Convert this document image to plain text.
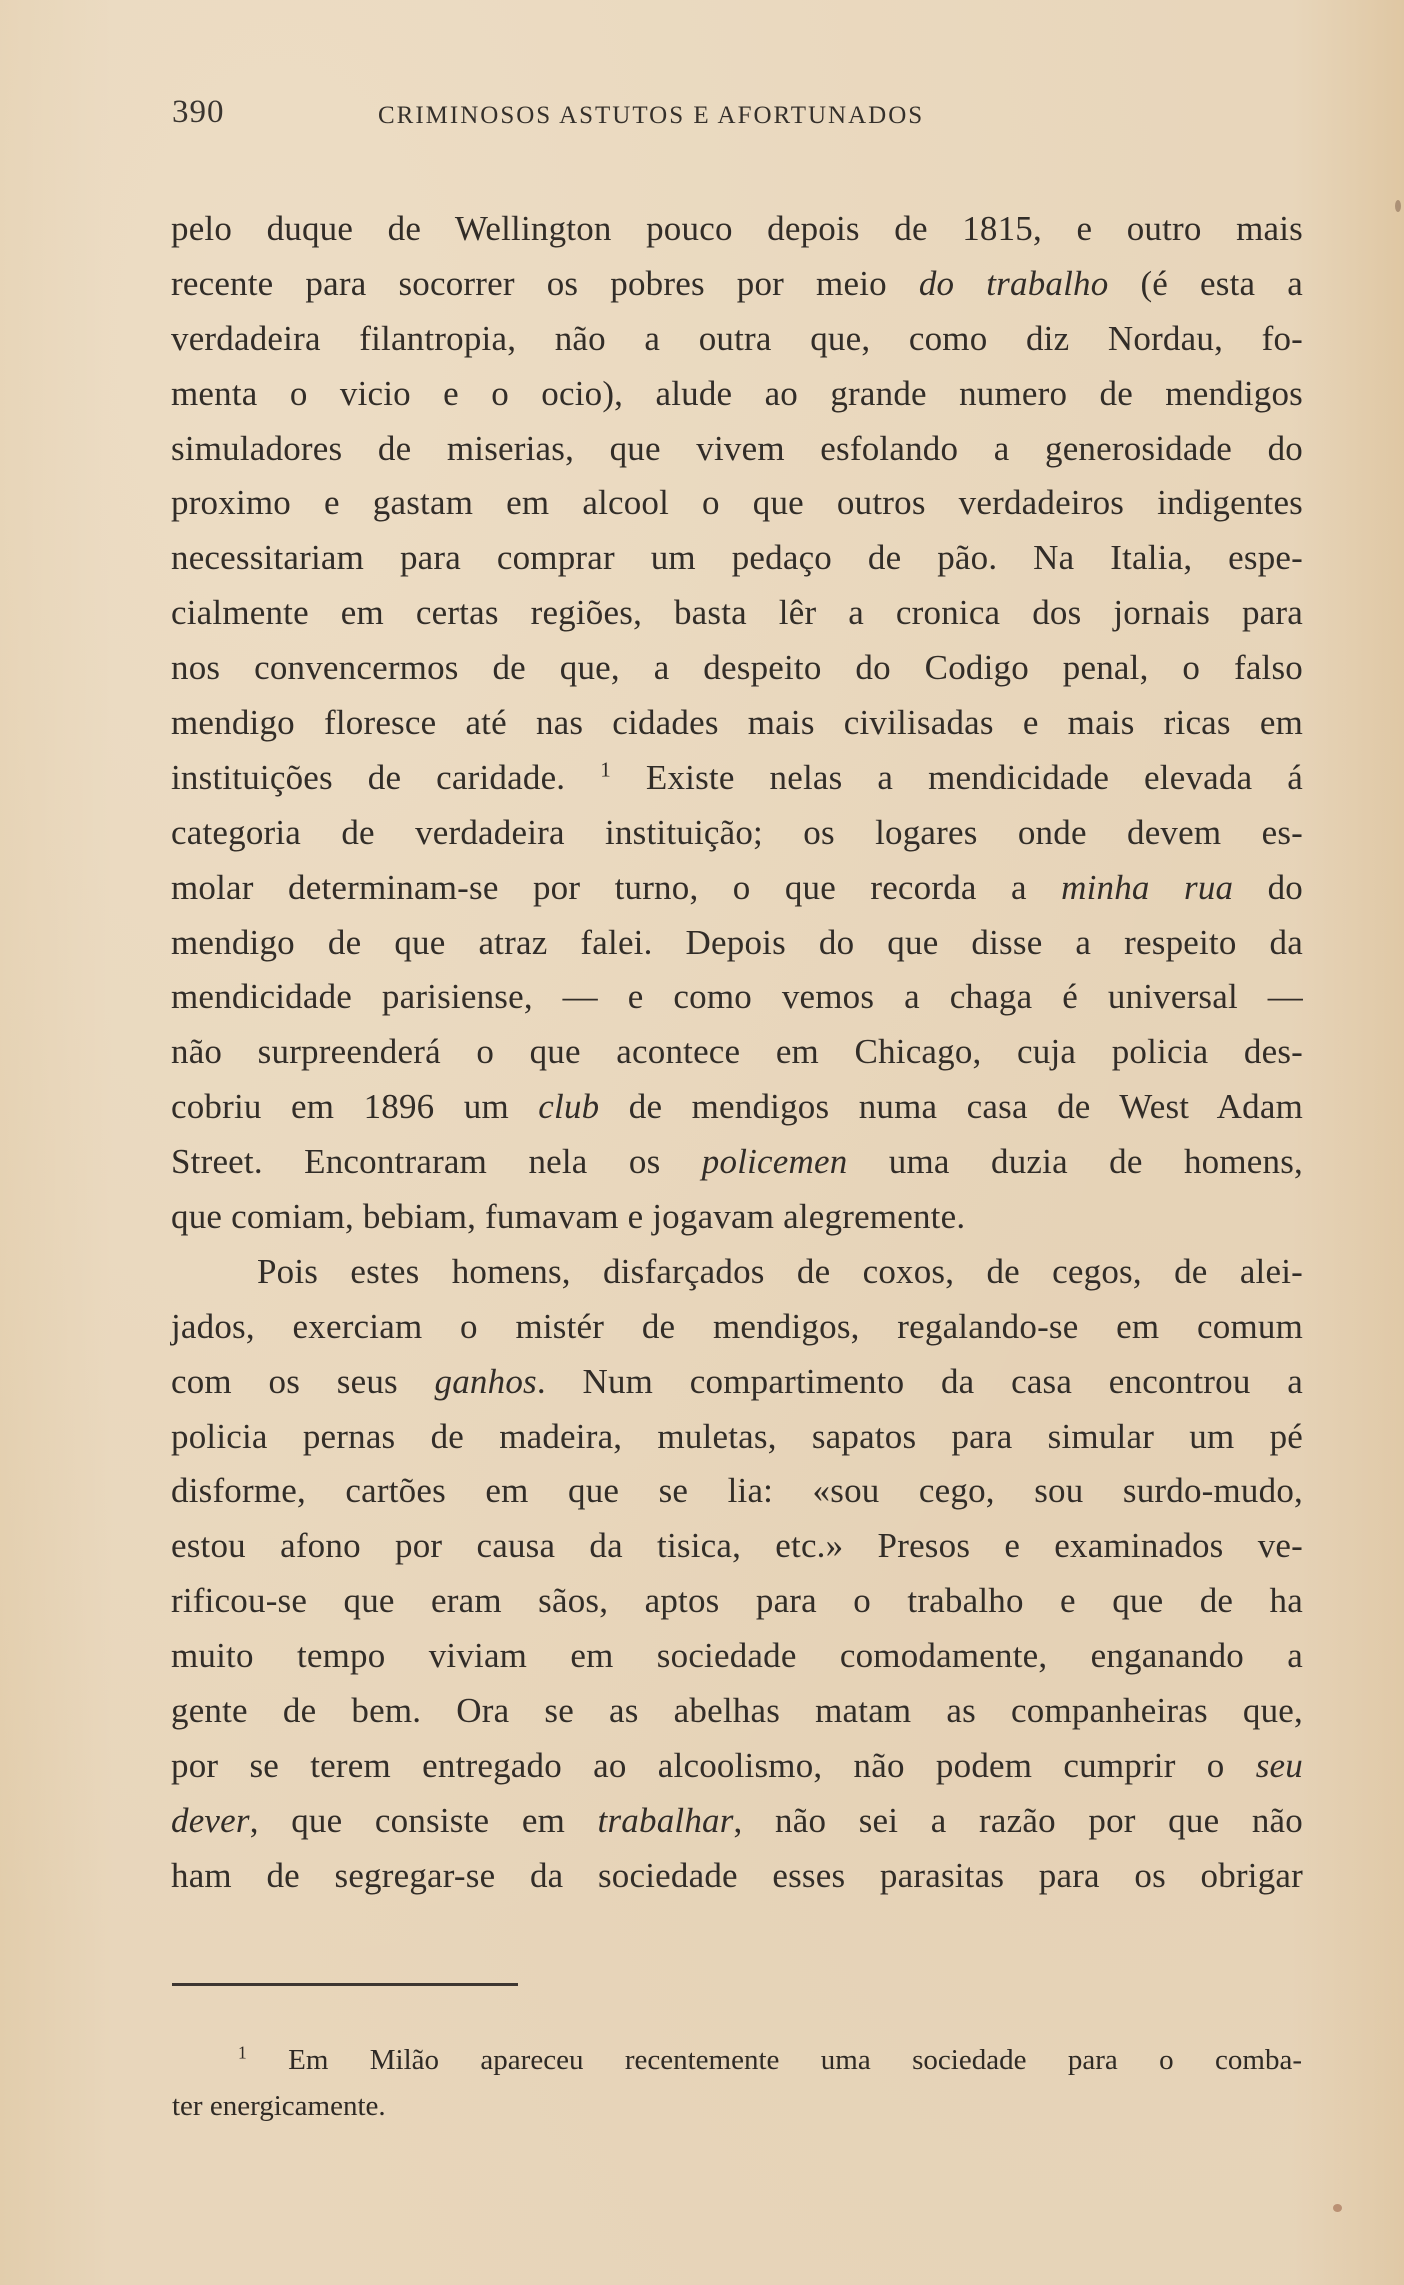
390	CRIMINOSOS ASTUTOS E AFORTUNADOS
pelo duque de Wellington pouco depois de 1815, e outro mais
recente para socorrer os pobres por meio do trabalho (é esta a
verdadeira filantropia, não a outra que, como diz Nordau, fo-
menta o vicio e o ocio), alude ao grande numero de mendigos
simuladores de miserias, que vivem esfolando a generosidade do
proximo e gastam em alcool o que outros verdadeiros indigentes
necessitariam para comprar um pedaço de pão. Na Italia, espe-
cialmente em certas regiões, basta lêr a cronica dos jornais para
nos convencermos de que, a despeito do Codigo penal, o falso
mendigo floresce até nas cidades mais civilisadas e mais ricas em
instituições de caridade. $^1$ Existe nelas a mendicidade elevada á
categoria de verdadeira instituição; os logares onde devem es-
molar determinam-se por turno, o que recorda a minha rua do
mendigo de que atraz falei. Depois do que disse a respeito da
mendicidade parisiense, — e como vemos a chaga é universal —
não surpreenderá o que acontece em Chicago, cuja policia des-
cobriu em 1896 um club de mendigos numa casa de West Adam
Street. Encontraram nela os policemen uma duzia de homens,
que comiam, bebiam, fumavam e jogavam alegremente.
Pois estes homens, disfarçados de coxos, de cegos, de alei-
jados, exerciam o mistér de mendigos, regalando-se em comum
com os seus ganhos. Num compartimento da casa encontrou a
policia pernas de madeira, muletas, sapatos para simular um pé
disforme, cartões em que se lia: «sou cego, sou surdo-mudo,
estou afono por causa da tisica, etc.» Presos e examinados ve-
rificou-se que eram sãos, aptos para o trabalho e que de ha
muito tempo viviam em sociedade comodamente, enganando a
gente de bem. Ora se as abelhas matam as companheiras que,
por se terem entregado ao alcoolismo, não podem cumprir o seu
dever, que consiste em trabalhar, não sei a razão por que não
ham de segregar-se da sociedade esses parasitas para os obrigar
$^1$ Em Milão apareceu recentemente uma sociedade para o comba-
ter energicamente.
